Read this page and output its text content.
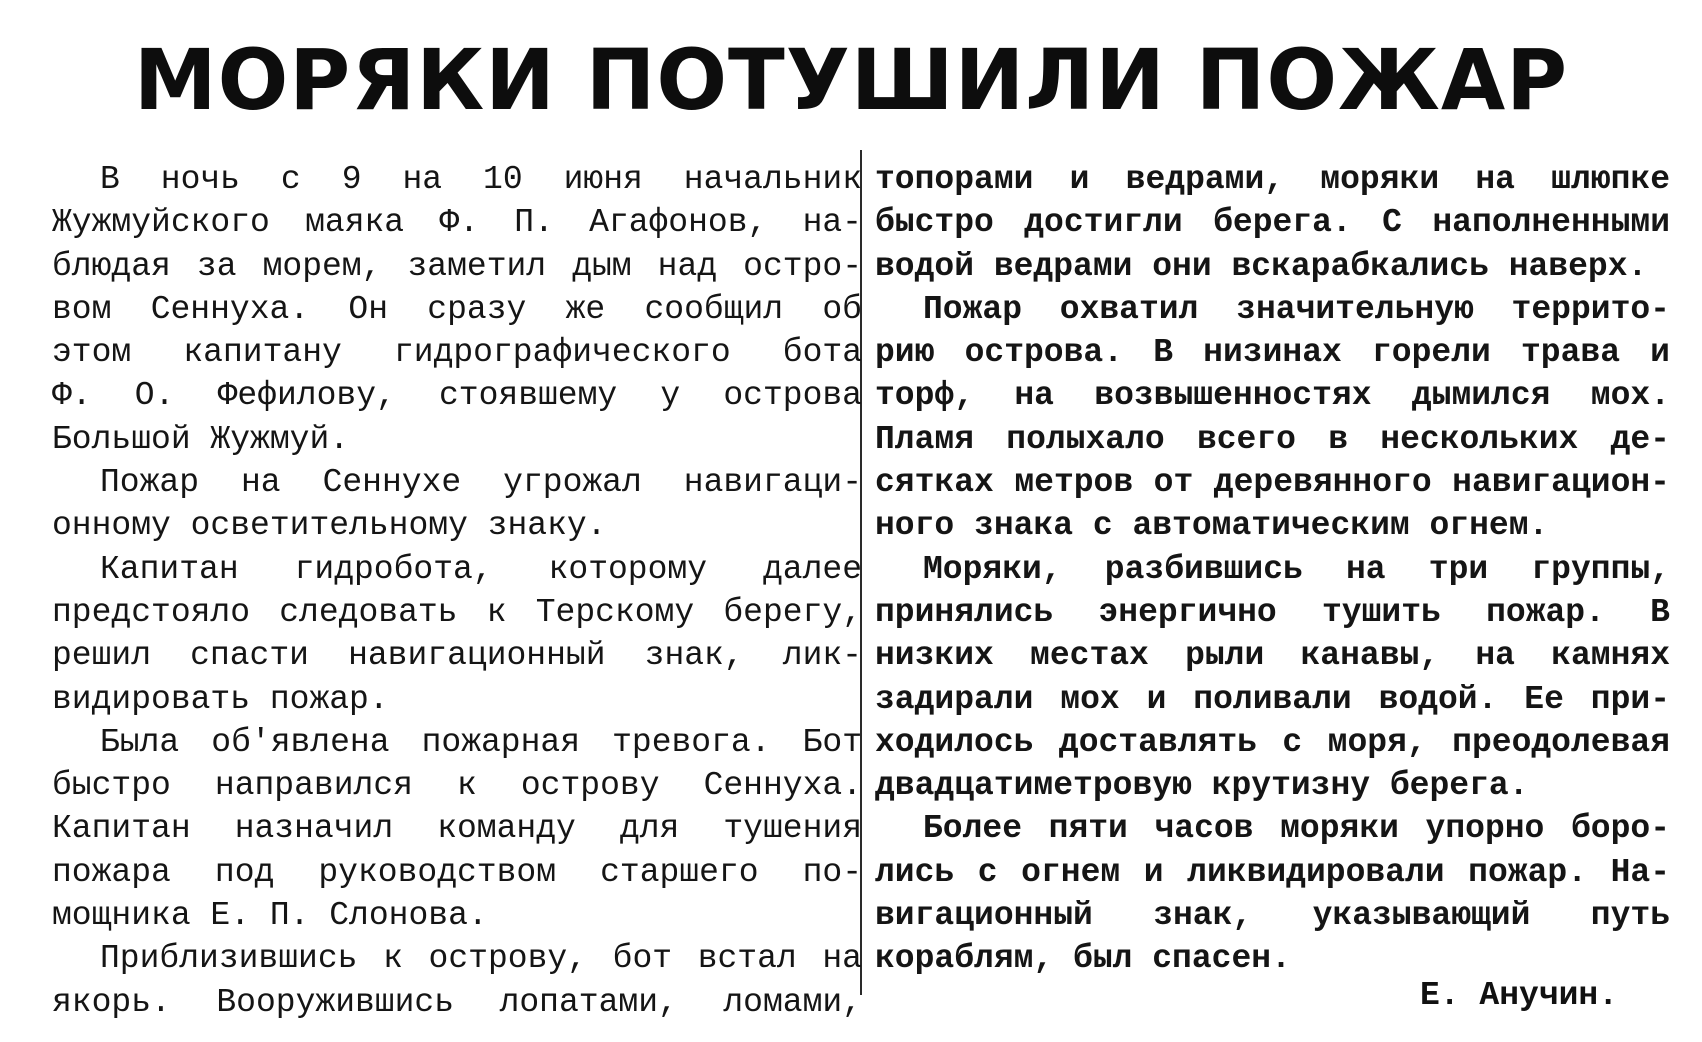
МОРЯКИ ПОТУШИЛИ ПОЖАР
В ночь с 9 на 10 июня начальник
Жужмуйского маяка Ф. П. Агафонов, на-
блюдая за морем, заметил дым над остро-
вом Сеннуха. Он сразу же сообщил об
этом капитану гидрографического бота
Ф. О. Фефилову, стоявшему у острова
Большой Жужмуй.
Пожар на Сеннухе угрожал навигаци-
онному осветительному знаку.
Капитан гидробота, которому далее
предстояло следовать к Терскому берегу,
решил спасти навигационный знак, лик-
видировать пожар.
Была об'явлена пожарная тревога. Бот
быстро направился к острову Сеннуха.
Капитан назначил команду для тушения
пожара под руководством старшего по-
мощника Е. П. Слонова.
Приблизившись к острову, бот встал на
якорь. Вооружившись лопатами, ломами,
топорами и ведрами, моряки на шлюпке
быстро достигли берега. С наполненными
водой ведрами они вскарабкались наверх.
Пожар охватил значительную террито-
рию острова. В низинах горели трава и
торф, на возвышенностях дымился мох.
Пламя полыхало всего в нескольких де-
сятках метров от деревянного навигацион-
ного знака с автоматическим огнем.
Моряки, разбившись на три группы,
принялись энергично тушить пожар. В
низких местах рыли канавы, на камнях
задирали мох и поливали водой. Ее при-
ходилось доставлять с моря, преодолевая
двадцатиметровую крутизну берега.
Более пяти часов моряки упорно боро-
лись с огнем и ликвидировали пожар. На-
вигационный знак, указывающий путь
кораблям, был спасен.
Е. Анучин.
